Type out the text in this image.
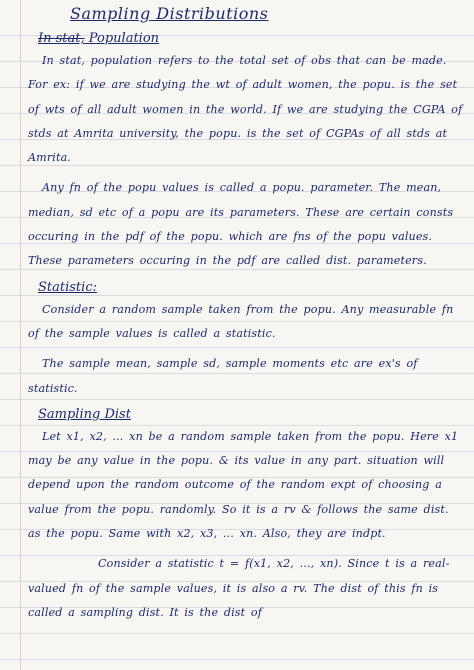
Sampling Distributions
In stat, Population

In stat, population refers to the total set of obs that can be made. For ex: if we are studying the wt of adult women, the popu. is the set of wts of all adult women in the world. If we are studying the CGPA of stds at Amrita university, the popu. is the set of CGPAs of all stds at Amrita.

Any fn of the popu values is called a popu. parameter. The mean, median, sd etc of a popu are its parameters. These are certain consts occuring in the pdf of the popu. which are fns of the popu values. These parameters occuring in the pdf are called dist. parameters.

Statistic:

Consider a random sample taken from the popu. Any measurable fn of the sample values is called a statistic.

The sample mean, sample sd, sample moments etc are ex's of statistic.

Sampling Dist

Let x1, x2, ... xn be a random sample taken from the popu. Here x1 may be any value in the popu. & its value in any part. situation will depend upon the random outcome of the random expt of choosing a value from the popu. randomly. So it is a rv & follows the same dist. as the popu. Same with x2, x3, ... xn. Also, they are indpt.

Consider a statistic t = f(x1, x2, ..., xn). Since t is a real-valued fn of the sample values, it is also a rv. The dist of this fn is called a sampling dist. It is the dist of
